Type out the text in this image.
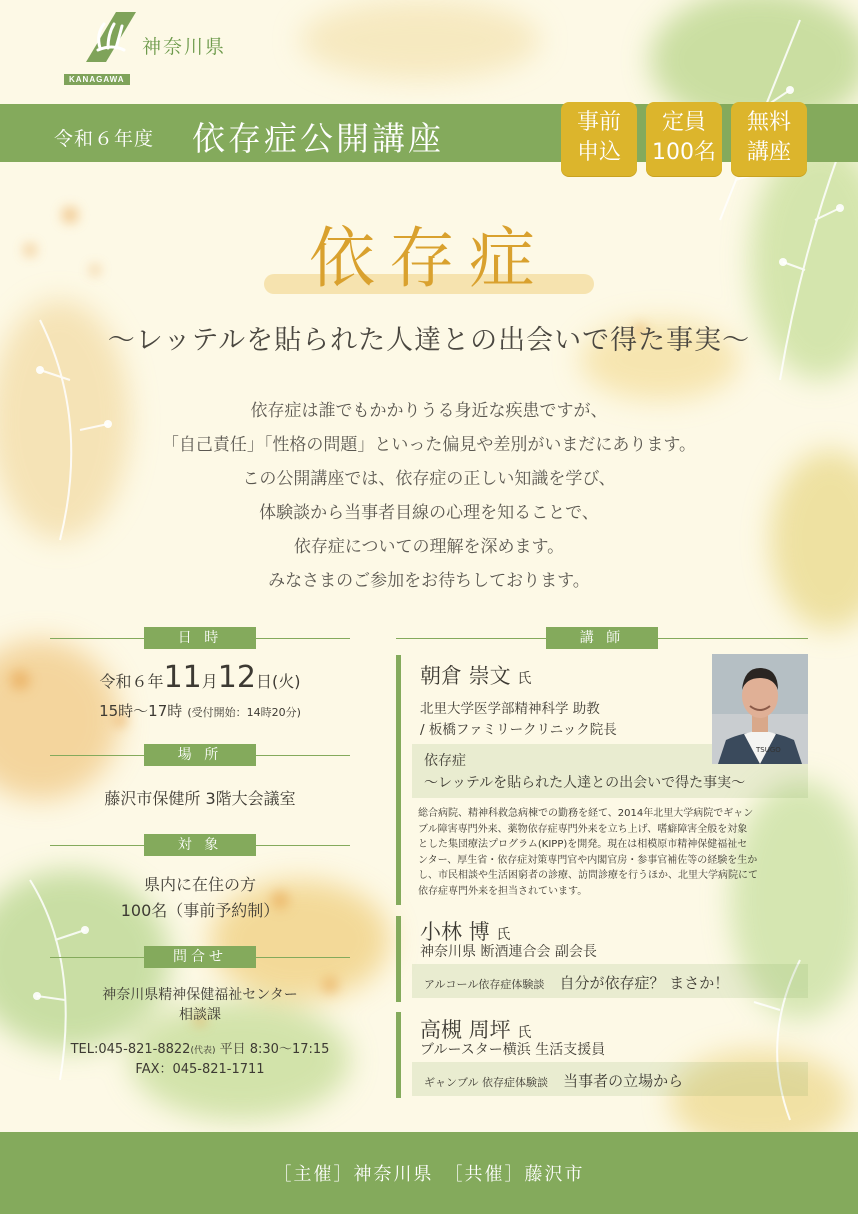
KANAGAWA
神奈川県
令和６年度 依存症公開講座	事前
申込
定員
100名
無料
講座
依存症
〜レッテルを貼られた人達との出会いで得た事実〜
依存症は誰でもかかりうる身近な疾患ですが、
「自己責任」「性格の問題」といった偏見や差別がいまだにあります。
この公開講座では、依存症の正しい知識を学び、
体験談から当事者目線の心理を知ることで、
依存症についての理解を深めます。
みなさまのご参加をお待ちしております。
日 時
令和６年11月12日(火)
15時〜17時 (受付開始：14時20分)
場 所
藤沢市保健所 3階大会議室
対 象
県内に在住の方
100名（事前予約制）
問合せ
神奈川県精神保健福祉センター
相談課
TEL:045-821-8822(代表) 平日 8:30〜17:15
FAX：045-821-1711
講 師
朝倉 崇文 氏
北里大学医学部精神科学 助教
/ 板橋ファミリークリニック院長
TSUGO
依存症
〜レッテルを貼られた人達との出会いで得た事実〜
総合病院、精神科救急病棟での勤務を経て、2014年北里大学病院でギャン
ブル障害専門外来、薬物依存症専門外来を立ち上げ、嗜癖障害全般を対象
とした集団療法プログラム(KIPP)を開発。現在は相模原市精神保健福祉セ
ンター、厚生省・依存症対策専門官や内閣官房・参事官補佐等の経験を生か
し、市民相談や生活困窮者の診療、訪問診療を行うほか、北里大学病院にて
依存症専門外来を担当されています。
小林 博 氏
神奈川県 断酒連合会 副会長
アルコール依存症体験談 自分が依存症？ まさか！
高槻 周坪 氏
ブルースター横浜 生活支援員
ギャンブル 依存症体験談 当事者の立場から
［主催］神奈川県　［共催］藤沢市
